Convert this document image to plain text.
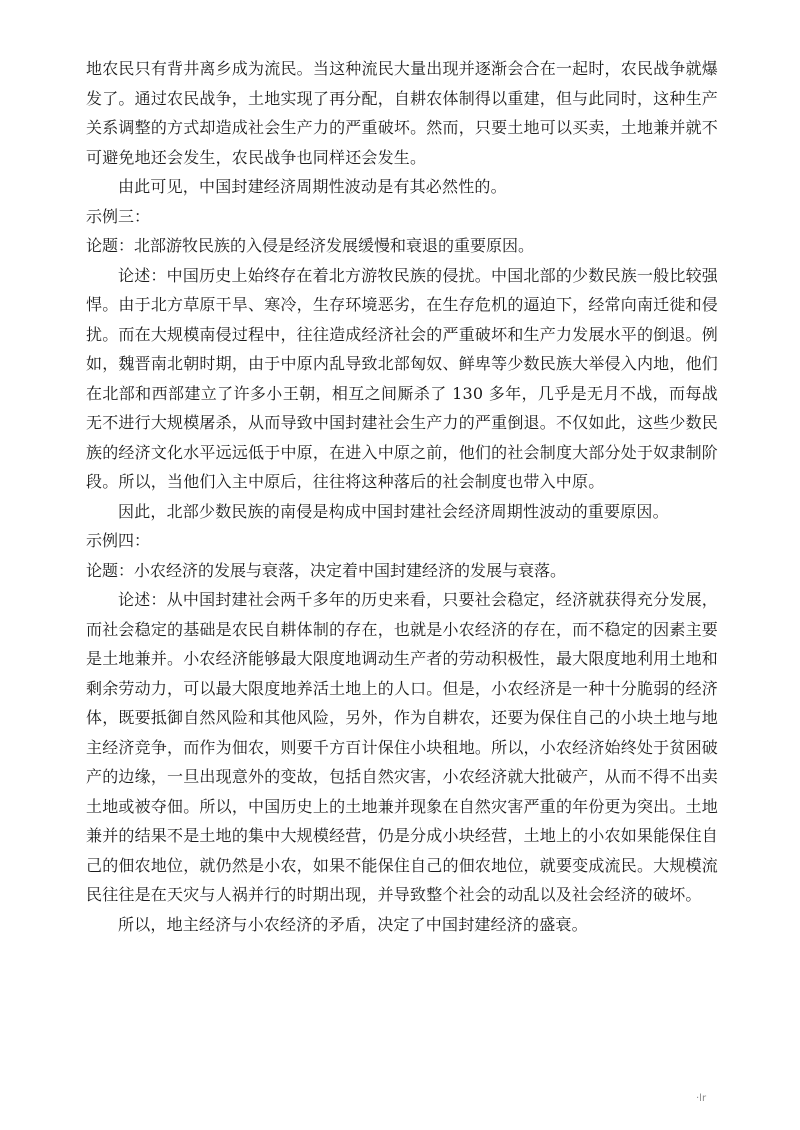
地农民只有背井离乡成为流民。当这种流民大量出现并逐渐会合在一起时，农民战争就爆发了。通过农民战争，土地实现了再分配，自耕农体制得以重建，但与此同时，这种生产关系调整的方式却造成社会生产力的严重破坏。然而，只要土地可以买卖，土地兼并就不可避免地还会发生，农民战争也同样还会发生。

由此可见，中国封建经济周期性波动是有其必然性的。

示例三：

论题：北部游牧民族的入侵是经济发展缓慢和衰退的重要原因。

论述：中国历史上始终存在着北方游牧民族的侵扰。中国北部的少数民族一般比较强悍。由于北方草原干旱、寒冷，生存环境恶劣，在生存危机的逼迫下，经常向南迁徙和侵扰。而在大规模南侵过程中，往往造成经济社会的严重破坏和生产力发展水平的倒退。例如，魏晋南北朝时期，由于中原内乱导致北部匈奴、鲜卑等少数民族大举侵入内地，他们在北部和西部建立了许多小王朝，相互之间厮杀了 130 多年，几乎是无月不战，而每战无不进行大规模屠杀，从而导致中国封建社会生产力的严重倒退。不仅如此，这些少数民族的经济文化水平远远低于中原，在进入中原之前，他们的社会制度大部分处于奴隶制阶段。所以，当他们入主中原后，往往将这种落后的社会制度也带入中原。

因此，北部少数民族的南侵是构成中国封建社会经济周期性波动的重要原因。

示例四：

论题：小农经济的发展与衰落，决定着中国封建经济的发展与衰落。

论述：从中国封建社会两千多年的历史来看，只要社会稳定，经济就获得充分发展，而社会稳定的基础是农民自耕体制的存在，也就是小农经济的存在，而不稳定的因素主要是土地兼并。小农经济能够最大限度地调动生产者的劳动积极性，最大限度地利用土地和剩余劳动力，可以最大限度地养活土地上的人口。但是，小农经济是一种十分脆弱的经济体，既要抵御自然风险和其他风险，另外，作为自耕农，还要为保住自己的小块土地与地主经济竞争，而作为佃农，则要千方百计保住小块租地。所以，小农经济始终处于贫困破产的边缘，一旦出现意外的变故，包括自然灾害，小农经济就大批破产，从而不得不出卖土地或被夺佃。所以，中国历史上的土地兼并现象在自然灾害严重的年份更为突出。土地兼并的结果不是土地的集中大规模经营，仍是分成小块经营，土地上的小农如果能保住自己的佃农地位，就仍然是小农，如果不能保住自己的佃农地位，就要变成流民。大规模流民往往是在天灾与人祸并行的时期出现，并导致整个社会的动乱以及社会经济的破坏。

所以，地主经济与小农经济的矛盾，决定了中国封建经济的盛衰。

·lr
